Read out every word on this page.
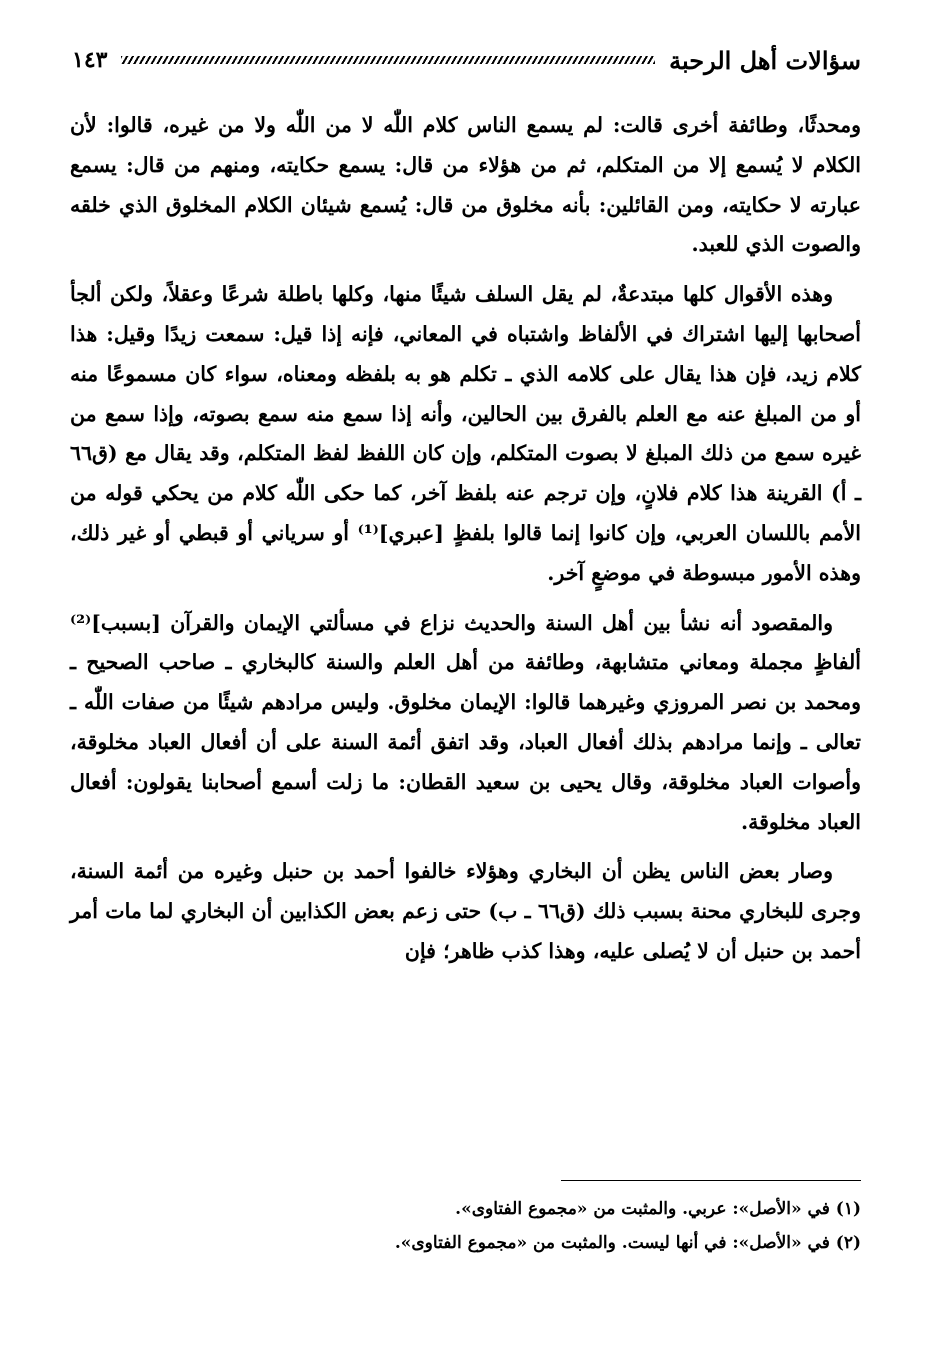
سؤالات أهل الرحبة
١٤٣

ومحدثًا، وطائفة أخرى قالت: لم يسمع الناس كلام اللّٰه لا من اللّٰه ولا من غيره، قالوا: لأن الكلام لا يُسمع إلا من المتكلم، ثم من هؤلاء من قال: يسمع حكايته، ومنهم من قال: يسمع عبارته لا حكايته، ومن القائلين: بأنه مخلوق من قال: يُسمع شيئان الكلام المخلوق الذي خلقه والصوت الذي للعبد.

وهذه الأقوال كلها مبتدعةٌ، لم يقل السلف شيئًا منها، وكلها باطلة شرعًا وعقلاً، ولكن ألجأ أصحابها إليها اشتراك في الألفاظ واشتباه في المعاني، فإنه إذا قيل: سمعت زيدًا وقيل: هذا كلام زيد، فإن هذا يقال على كلامه الذي ـ تكلم هو به بلفظه ومعناه، سواء كان مسموعًا منه أو من المبلغ عنه مع العلم بالفرق بين الحالين، وأنه إذا سمع منه سمع بصوته، وإذا سمع من غيره سمع من ذلك المبلغ لا بصوت المتكلم، وإن كان اللفظ لفظ المتكلم، وقد يقال مع (ق٦٦ ـ أ) القرينة هذا كلام فلانٍ، وإن ترجم عنه بلفظ آخر، كما حكى اللّٰه كلام من يحكي قوله من الأمم باللسان العربي، وإن كانوا إنما قالوا بلفظٍ [عبري]⁽¹⁾ أو سرياني أو قبطي أو غير ذلك، وهذه الأمور مبسوطة في موضعٍ آخر.

والمقصود أنه نشأ بين أهل السنة والحديث نزاع في مسألتي الإيمان والقرآن [بسبب]⁽²⁾ ألفاظٍ مجملة ومعاني متشابهة، وطائفة من أهل العلم والسنة كالبخاري ـ صاحب الصحيح ـ ومحمد بن نصر المروزي وغيرهما قالوا: الإيمان مخلوق. وليس مرادهم شيئًا من صفات اللّٰه ـ تعالى ـ وإنما مرادهم بذلك أفعال العباد، وقد اتفق أئمة السنة على أن أفعال العباد مخلوقة، وأصوات العباد مخلوقة، وقال يحيى بن سعيد القطان: ما زلت أسمع أصحابنا يقولون: أفعال العباد مخلوقة.

وصار بعض الناس يظن أن البخاري وهؤلاء خالفوا أحمد بن حنبل وغيره من أئمة السنة، وجرى للبخاري محنة بسبب ذلك (ق٦٦ ـ ب) حتى زعم بعض الكذابين أن البخاري لما مات أمر أحمد بن حنبل أن لا يُصلى عليه، وهذا كذب ظاهر؛ فإن

(١) في «الأصل»: عربي. والمثبت من «مجموع الفتاوى».

(٢) في «الأصل»: في أنها ليست. والمثبت من «مجموع الفتاوى».
